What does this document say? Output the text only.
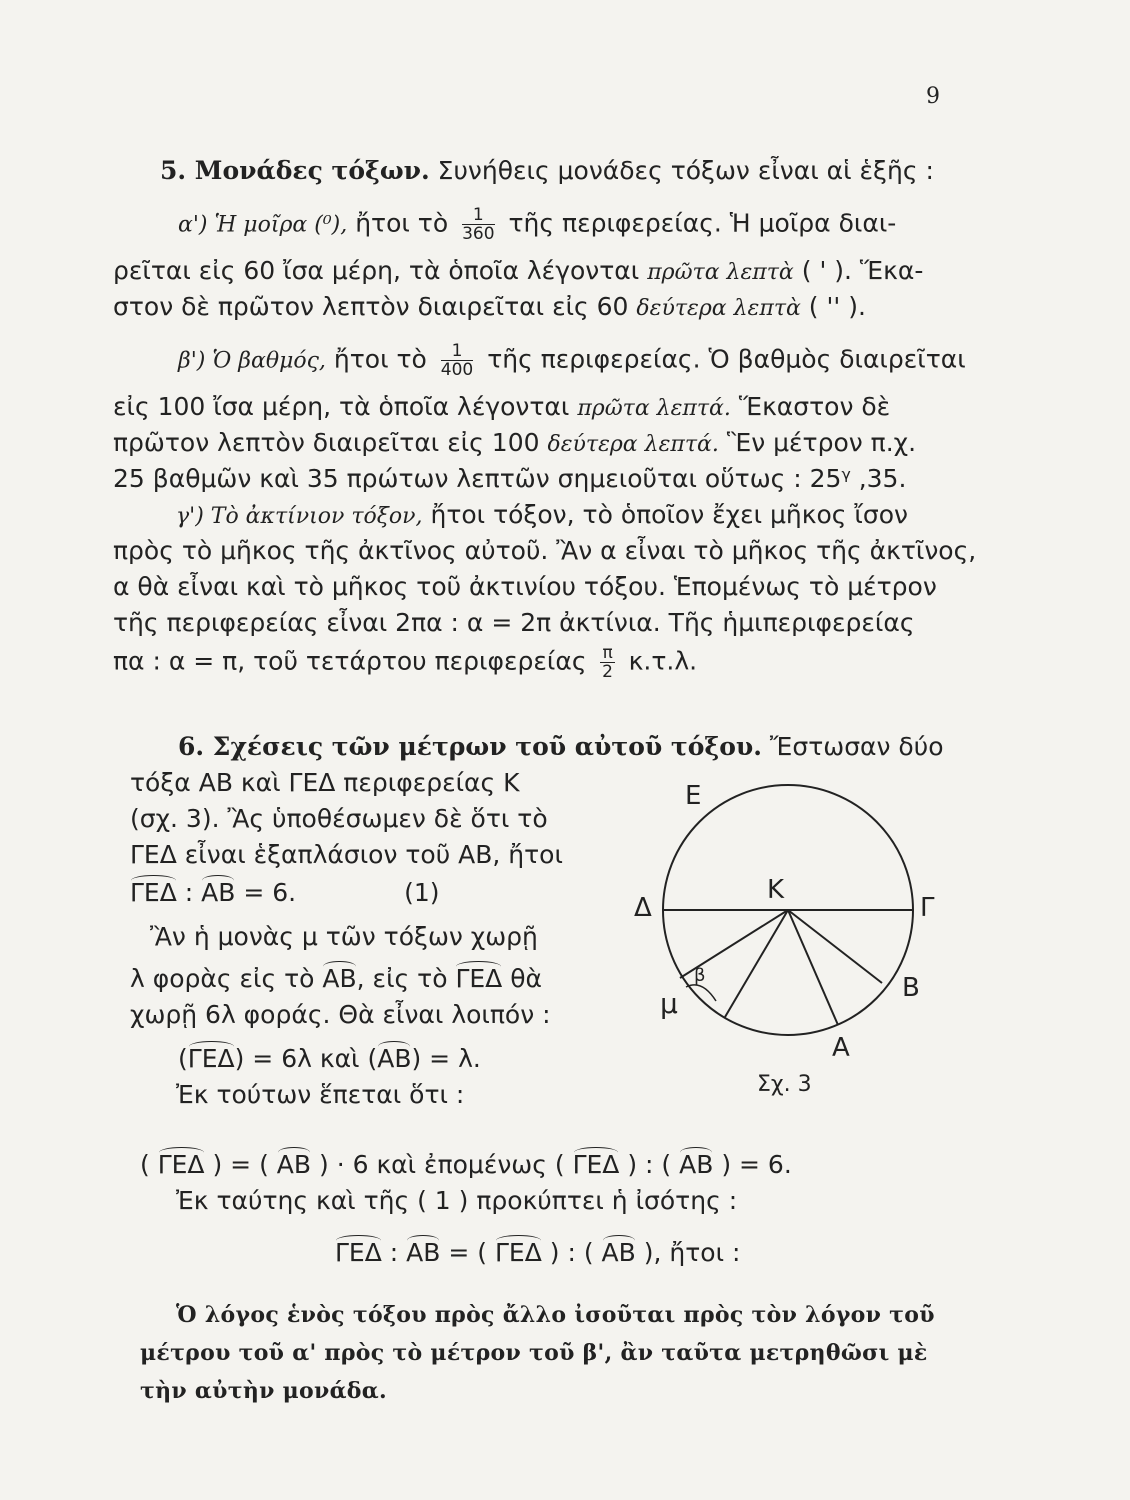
9
5. Μονάδες τόξων. Συνήθεις μονάδες τόξων εἶναι αἱ ἑξῆς :
α') Ἡ μοῖρα (⁰), ἤτοι τὸ $\frac{1}{360}$ τῆς περιφερείας. Ἡ μοῖρα διαι-
ρεῖται εἰς 60 ἴσα μέρη, τὰ ὁποῖα λέγονται πρῶτα λεπτὰ ( ' ). Ἕκα-
στον δὲ πρῶτον λεπτὸν διαιρεῖται εἰς 60 δεύτερα λεπτὰ ( '' ).
β') Ὁ βαθμός, ἤτοι τὸ $\frac{1}{400}$ τῆς περιφερείας. Ὁ βαθμὸς διαιρεῖται
εἰς 100 ἴσα μέρη, τὰ ὁποῖα λέγονται πρῶτα λεπτά. Ἕκαστον δὲ
πρῶτον λεπτὸν διαιρεῖται εἰς 100 δεύτερα λεπτά. Ἓν μέτρον π.χ.
25 βαθμῶν καὶ 35 πρώτων λεπτῶν σημειοῦται οὕτως : 25ᵞ ,35.
γ') Τὸ ἀκτίνιον τόξον, ἤτοι τόξον, τὸ ὁποῖον ἔχει μῆκος ἴσον
πρὸς τὸ μῆκος τῆς ἀκτῖνος αὐτοῦ. Ἂν α εἶναι τὸ μῆκος τῆς ἀκτῖνος,
α θὰ εἶναι καὶ τὸ μῆκος τοῦ ἀκτινίου τόξου. Ἑπομένως τὸ μέτρον
τῆς περιφερείας εἶναι 2πα : α = 2π ἀκτίνια. Τῆς ἡμιπεριφερείας
πα : α = π, τοῦ τετάρτου περιφερείας $\frac{\pi}{2} \kappa.\tau.\lambda$.
6. Σχέσεις τῶν μέτρων τοῦ αὐτοῦ τόξου. Ἔστωσαν δύο
τόξα ΑΒ καὶ ΓΕΔ περιφερείας Κ
(σχ. 3). Ἂς ὑποθέσωμεν δὲ ὅτι τὸ
ΓΕΔ εἶναι ἑξαπλάσιον τοῦ ΑΒ, ἤτοι
ΓΕΔ : ΑΒ = 6.	(1)
Ἂν ἡ μονὰς μ τῶν τόξων χωρῇ
λ φορὰς εἰς τὸ ΑΒ, εἰς τὸ ΓΕΔ θὰ
χωρῇ 6λ φοράς. Θὰ εἶναι λοιπόν :
(ΓΕΔ) = 6λ καὶ (ΑΒ) = λ.
Ἐκ τούτων ἕπεται ὅτι :
( ΓΕΔ ) = ( ΑΒ ) · 6 καὶ ἐπομένως ( ΓΕΔ ) : ( ΑΒ ) = 6.
Ἐκ ταύτης καὶ τῆς ( 1 ) προκύπτει ἡ ἰσότης :
ΓΕΔ : ΑΒ = ( ΓΕΔ ) : ( ΑΒ ), ἤτοι :
Ὁ λόγος ἑνὸς τόξου πρὸς ἄλλο ἰσοῦται πρὸς τὸν λόγον τοῦ
μέτρου τοῦ α' πρὸς τὸ μέτρον τοῦ β', ἂν ταῦτα μετρηθῶσι μὲ
τὴν αὐτὴν μονάδα.
Ε
Κ
Δ	Γ
Β
Α
μ
β
Σχ. 3
